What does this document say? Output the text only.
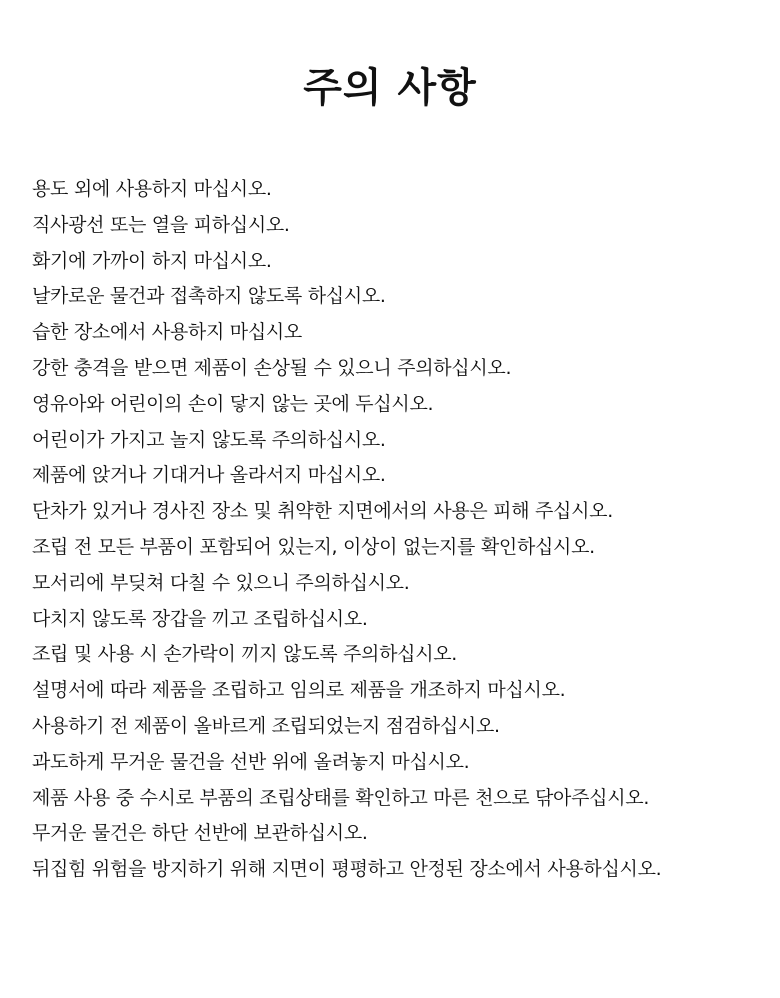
주의 사항
용도 외에 사용하지 마십시오.
직사광선 또는 열을 피하십시오.
화기에 가까이 하지 마십시오.
날카로운 물건과 접촉하지 않도록 하십시오.
습한 장소에서 사용하지 마십시오
강한 충격을 받으면 제품이 손상될 수 있으니 주의하십시오.
영유아와 어린이의 손이 닿지 않는 곳에 두십시오.
어린이가 가지고 놀지 않도록 주의하십시오.
제품에 앉거나 기대거나 올라서지 마십시오.
단차가 있거나 경사진 장소 및 취약한 지면에서의 사용은 피해 주십시오.
조립 전 모든 부품이 포함되어 있는지, 이상이 없는지를 확인하십시오.
모서리에 부딪쳐 다칠 수 있으니 주의하십시오.
다치지 않도록 장갑을 끼고 조립하십시오.
조립 및 사용 시 손가락이 끼지 않도록 주의하십시오.
설명서에 따라 제품을 조립하고 임의로 제품을 개조하지 마십시오.
사용하기 전 제품이 올바르게 조립되었는지 점검하십시오.
과도하게 무거운 물건을 선반 위에 올려놓지 마십시오.
제품 사용 중 수시로 부품의 조립상태를 확인하고 마른 천으로 닦아주십시오.
무거운 물건은 하단 선반에 보관하십시오.
뒤집힘 위험을 방지하기 위해 지면이 평평하고 안정된 장소에서 사용하십시오.
